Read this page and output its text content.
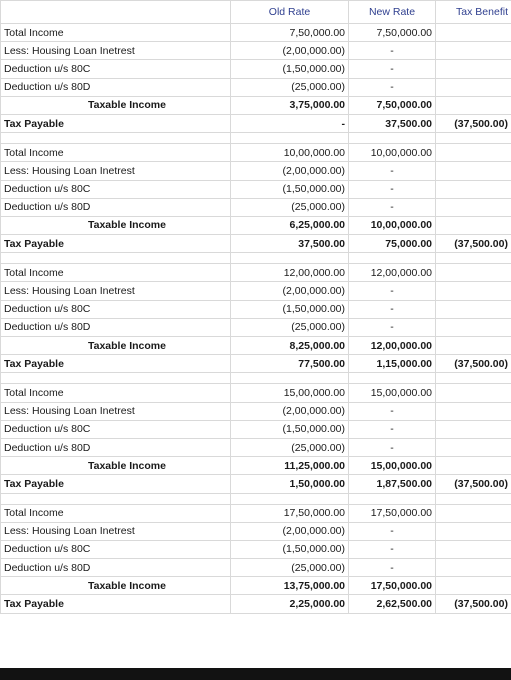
	Old Rate	New Rate	Tax Benefit
Total Income	7,50,000.00	7,50,000.00	
Less: Housing Loan Inetrest	(2,00,000.00)	-	
Deduction u/s 80C	(1,50,000.00)	-	
Deduction u/s 80D	(25,000.00)	-	
Taxable Income	3,75,000.00	7,50,000.00	
Tax Payable	-	37,500.00	(37,500.00)

Total Income	10,00,000.00	10,00,000.00	
Less: Housing Loan Inetrest	(2,00,000.00)	-	
Deduction u/s 80C	(1,50,000.00)	-	
Deduction u/s 80D	(25,000.00)	-	
Taxable Income	6,25,000.00	10,00,000.00	
Tax Payable	37,500.00	75,000.00	(37,500.00)

Total Income	12,00,000.00	12,00,000.00	
Less: Housing Loan Inetrest	(2,00,000.00)	-	
Deduction u/s 80C	(1,50,000.00)	-	
Deduction u/s 80D	(25,000.00)	-	
Taxable Income	8,25,000.00	12,00,000.00	
Tax Payable	77,500.00	1,15,000.00	(37,500.00)

Total Income	15,00,000.00	15,00,000.00	
Less: Housing Loan Inetrest	(2,00,000.00)	-	
Deduction u/s 80C	(1,50,000.00)	-	
Deduction u/s 80D	(25,000.00)	-	
Taxable Income	11,25,000.00	15,00,000.00	
Tax Payable	1,50,000.00	1,87,500.00	(37,500.00)

Total Income	17,50,000.00	17,50,000.00	
Less: Housing Loan Inetrest	(2,00,000.00)	-	
Deduction u/s 80C	(1,50,000.00)	-	
Deduction u/s 80D	(25,000.00)	-	
Taxable Income	13,75,000.00	17,50,000.00	
Tax Payable	2,25,000.00	2,62,500.00	(37,500.00)
